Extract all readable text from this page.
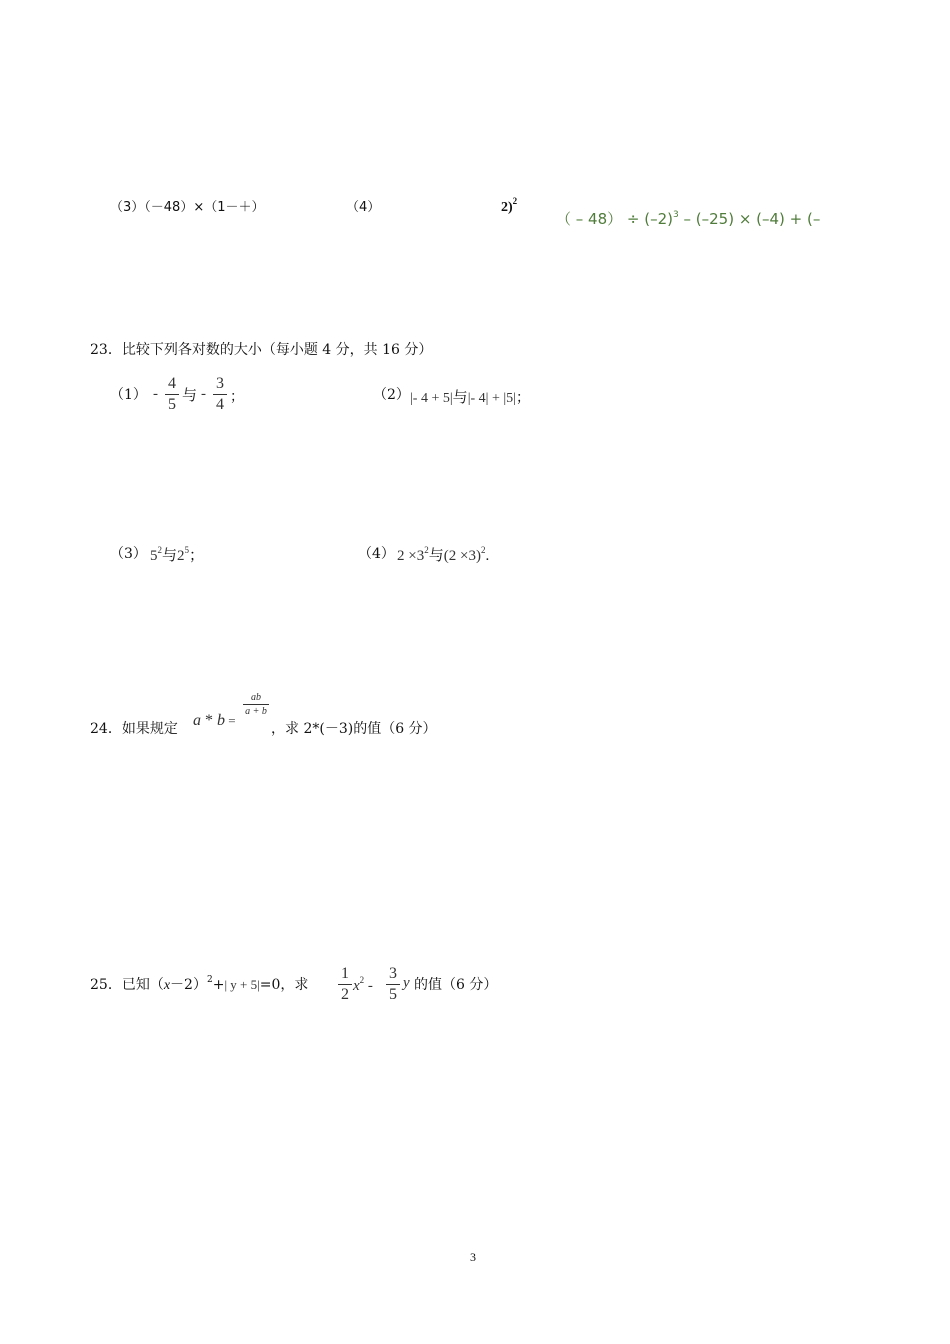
（3）（－48）×（1－＋）	（4）	2)$^2$
（ – $48) \div (-2)^3 - (-25) \times (-4)$ + (–
23．比较下列各对数的大小（每小题 4 分，共 16 分）
（1） -
4
5
与 -
3
4 ；	（2） |- 4 + 5|与|- 4| + |5|；
（3） $5^2$与$2^5$；	（4） $2 \times 3^2$与$(2 \times 3)^2$.
24．如果规定 a * b =
ab
a + b
，求 2*(－3)的值（6 分）
25．已知$(x-2)^2+|$ y + 5|=0，求
1
2 $x^2$ -
3
5
y 的值（6 分）
3
